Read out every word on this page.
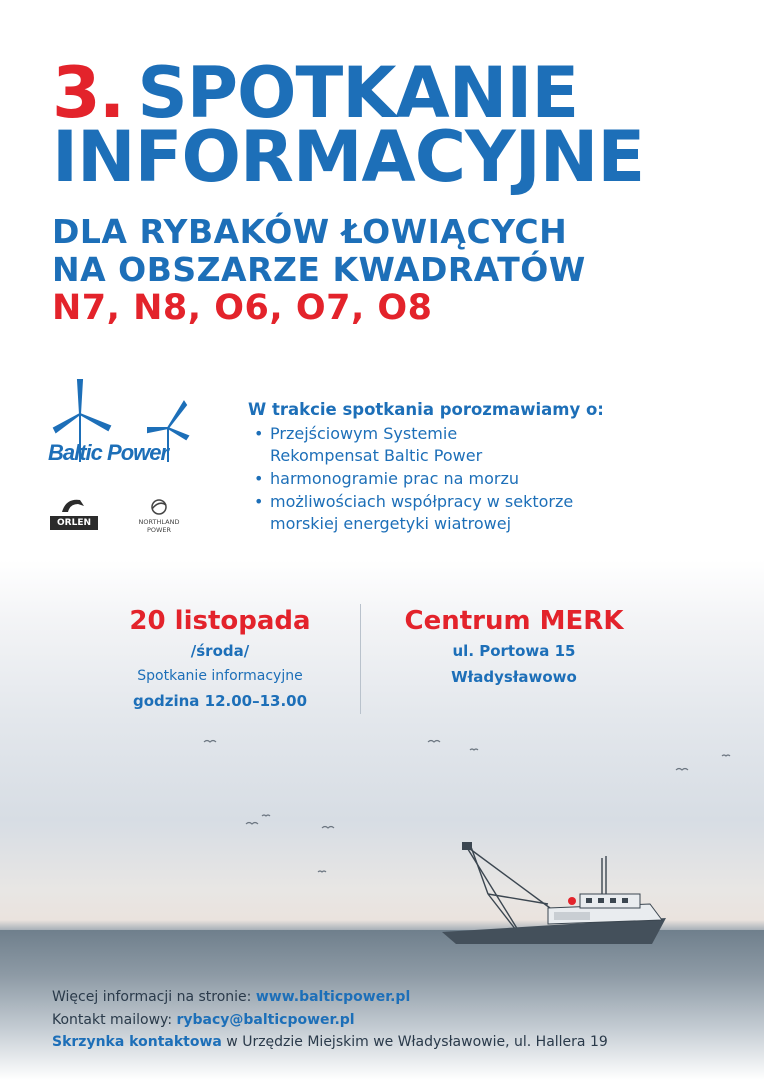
3. SPOTKANIE
INFORMACYJNE
DLA RYBAKÓW ŁOWIĄCYCH
NA OBSZARZE KWADRATÓW
N7, N8, O6, O7, O8
Baltic Power
ORLEN	NORTHLAND
POWER
W trakcie spotkania porozmawiamy o:
• Przejściowym Systemie
Rekompensat Baltic Power
• harmonogramie prac na morzu
• możliwościach współpracy w sektorze
morskiej energetyki wiatrowej
20 listopada
/środa/
Spotkanie informacyjne
godzina 12.00–13.00
Centrum MERK
ul. Portowa 15
Władysławowo
Więcej informacji na stronie: www.balticpower.pl
Kontakt mailowy: rybacy@balticpower.pl
Skrzynka kontaktowa w Urzędzie Miejskim we Władysławowie, ul. Hallera 19
